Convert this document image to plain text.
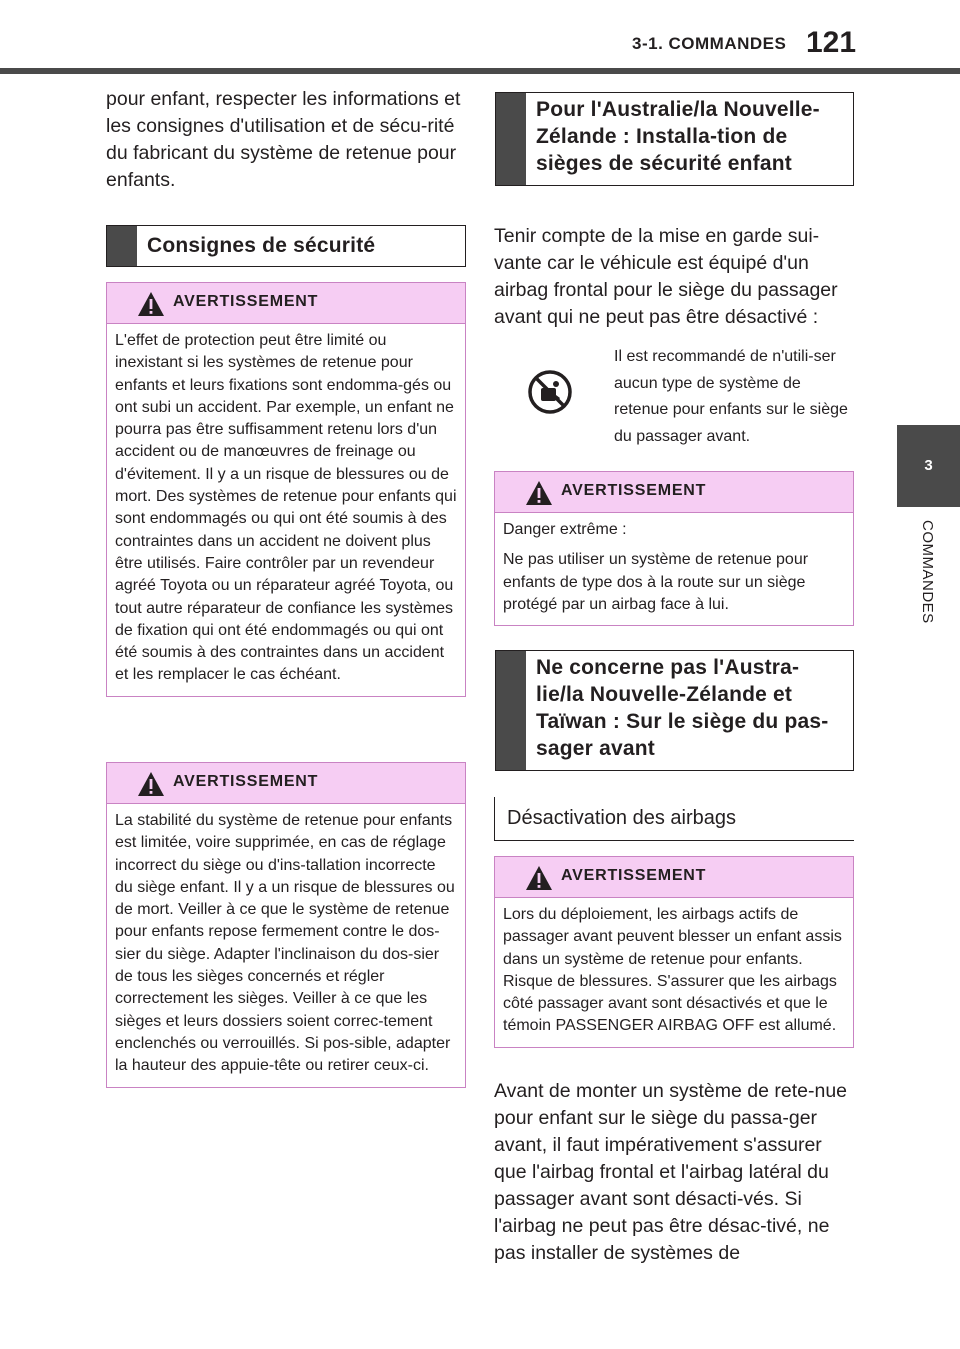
3-1. COMMANDES 121
3
COMMANDES
pour enfant, respecter les informations et les consignes d'utilisation et de sécu-rité du fabricant du système de retenue pour enfants.
Consignes de sécurité
AVERTISSEMENT
L'effet de protection peut être limité ou inexistant si les systèmes de retenue pour enfants et leurs fixations sont endomma-gés ou ont subi un accident. Par exemple, un enfant ne pourra pas être suffisamment retenu lors d'un accident ou de manœuvres de freinage ou d'évitement. Il y a un risque de blessures ou de mort. Des systèmes de retenue pour enfants qui sont endommagés ou qui ont été soumis à des contraintes dans un accident ne doivent plus être utilisés. Faire contrôler par un revendeur agréé Toyota ou un réparateur agréé Toyota, ou tout autre réparateur de confiance les systèmes de fixation qui ont été endommagés ou qui ont été soumis à des contraintes dans un accident et les remplacer le cas échéant.
AVERTISSEMENT
La stabilité du système de retenue pour enfants est limitée, voire supprimée, en cas de réglage incorrect du siège ou d'ins-tallation incorrecte du siège enfant. Il y a un risque de blessures ou de mort. Veiller à ce que le système de retenue pour enfants repose fermement contre le dos-sier du siège. Adapter l'inclinaison du dos-sier de tous les sièges concernés et régler correctement les sièges. Veiller à ce que les sièges et leurs dossiers soient correc-tement enclenchés ou verrouillés. Si pos-sible, adapter la hauteur des appuie-tête ou retirer ceux-ci.
Pour l'Australie/la Nouvelle-Zélande : Installa-tion de sièges de sécurité enfant
Tenir compte de la mise en garde sui-vante car le véhicule est équipé d'un airbag frontal pour le siège du passager avant qui ne peut pas être désactivé :
Il est recommandé de n'utili-ser aucun type de système de retenue pour enfants sur le siège du passager avant.
AVERTISSEMENT

Danger extrême :

Ne pas utiliser un système de retenue pour enfants de type dos à la route sur un siège protégé par un airbag face à lui.

Ne concerne pas l'Austra-lie/la Nouvelle-Zélande et Taïwan : Sur le siège du pas-sager avant
Désactivation des airbags
AVERTISSEMENT
Lors du déploiement, les airbags actifs de passager avant peuvent blesser un enfant assis dans un système de retenue pour enfants. Risque de blessures. S'assurer que les airbags côté passager avant sont désactivés et que le témoin PASSENGER AIRBAG OFF est allumé.
Avant de monter un système de rete-nue pour enfant sur le siège du passa-ger avant, il faut impérativement s'assurer que l'airbag frontal et l'airbag latéral du passager avant sont désacti-vés. Si l'airbag ne peut pas être désac-tivé, ne pas installer de systèmes de
